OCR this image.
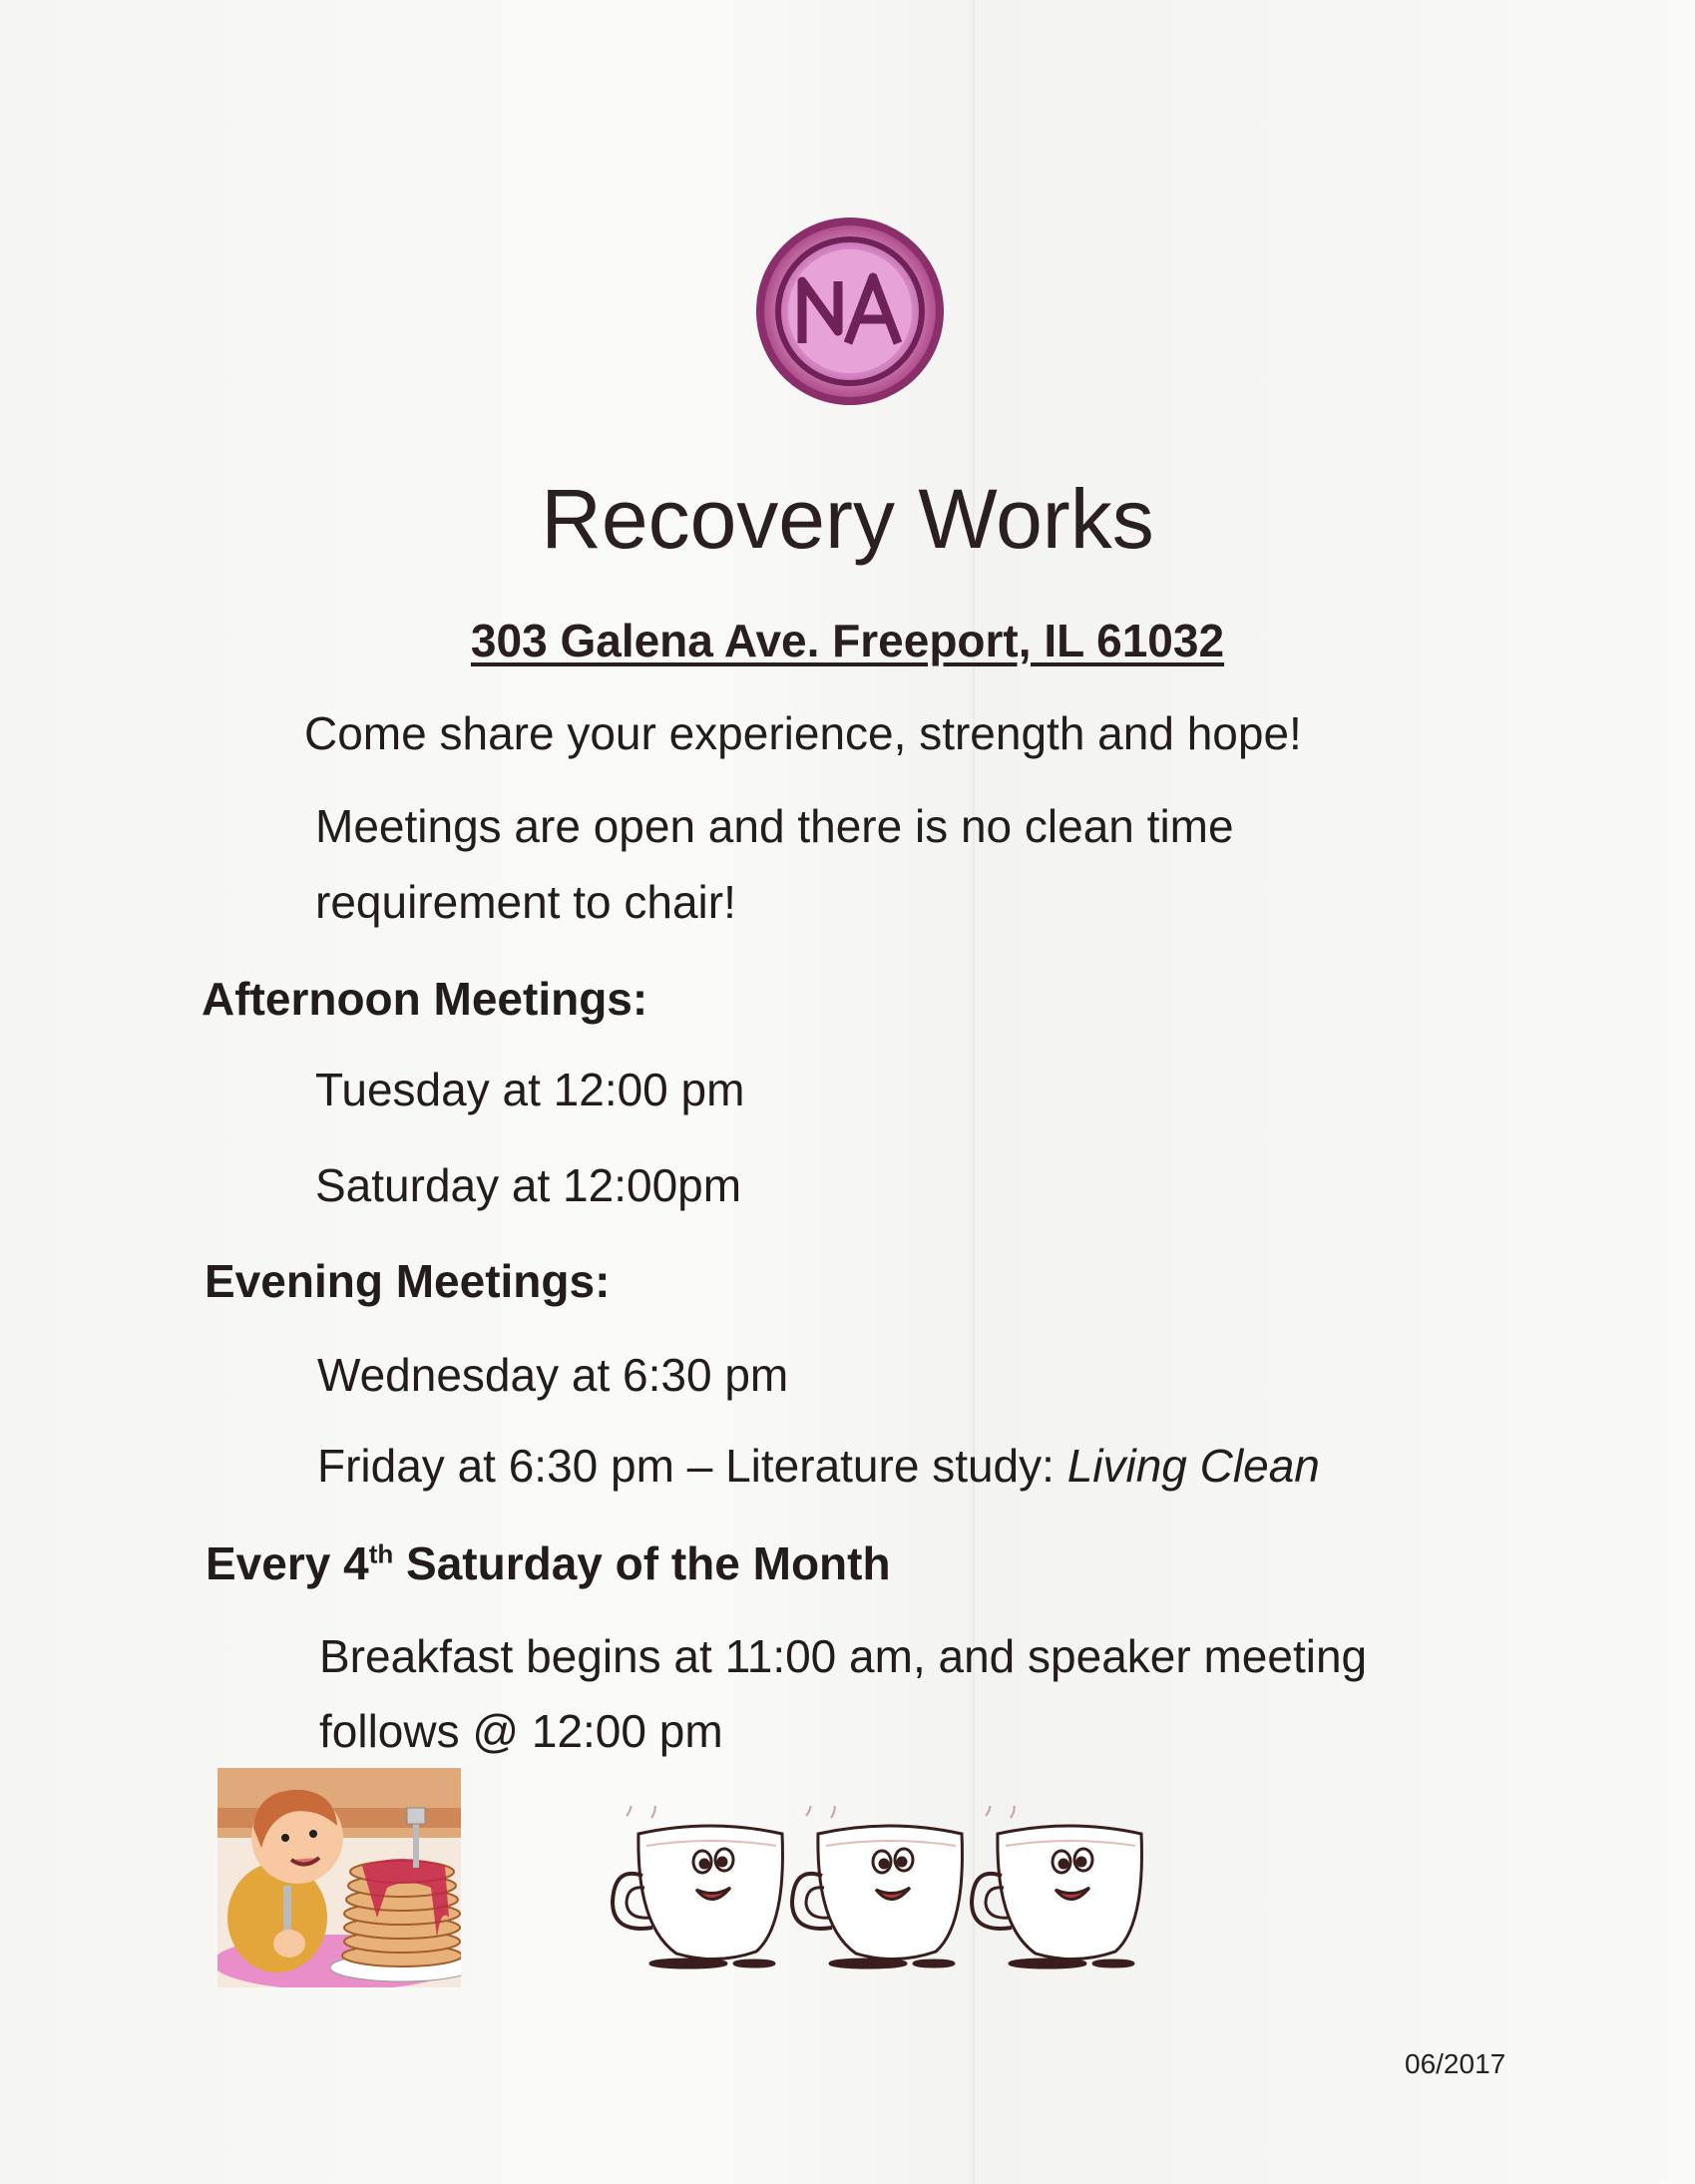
Recovery Works
303 Galena Ave. Freeport, IL 61032
Come share your experience, strength and hope!
Meetings are open and there is no clean time
requirement to chair!
Afternoon Meetings:
Tuesday at 12:00 pm
Saturday at 12:00pm
Evening Meetings:
Wednesday at 6:30 pm
Friday at 6:30 pm – Literature study: Living Clean
Every 4th Saturday of the Month
Breakfast begins at 11:00 am, and speaker meeting
follows @ 12:00 pm
06/2017
